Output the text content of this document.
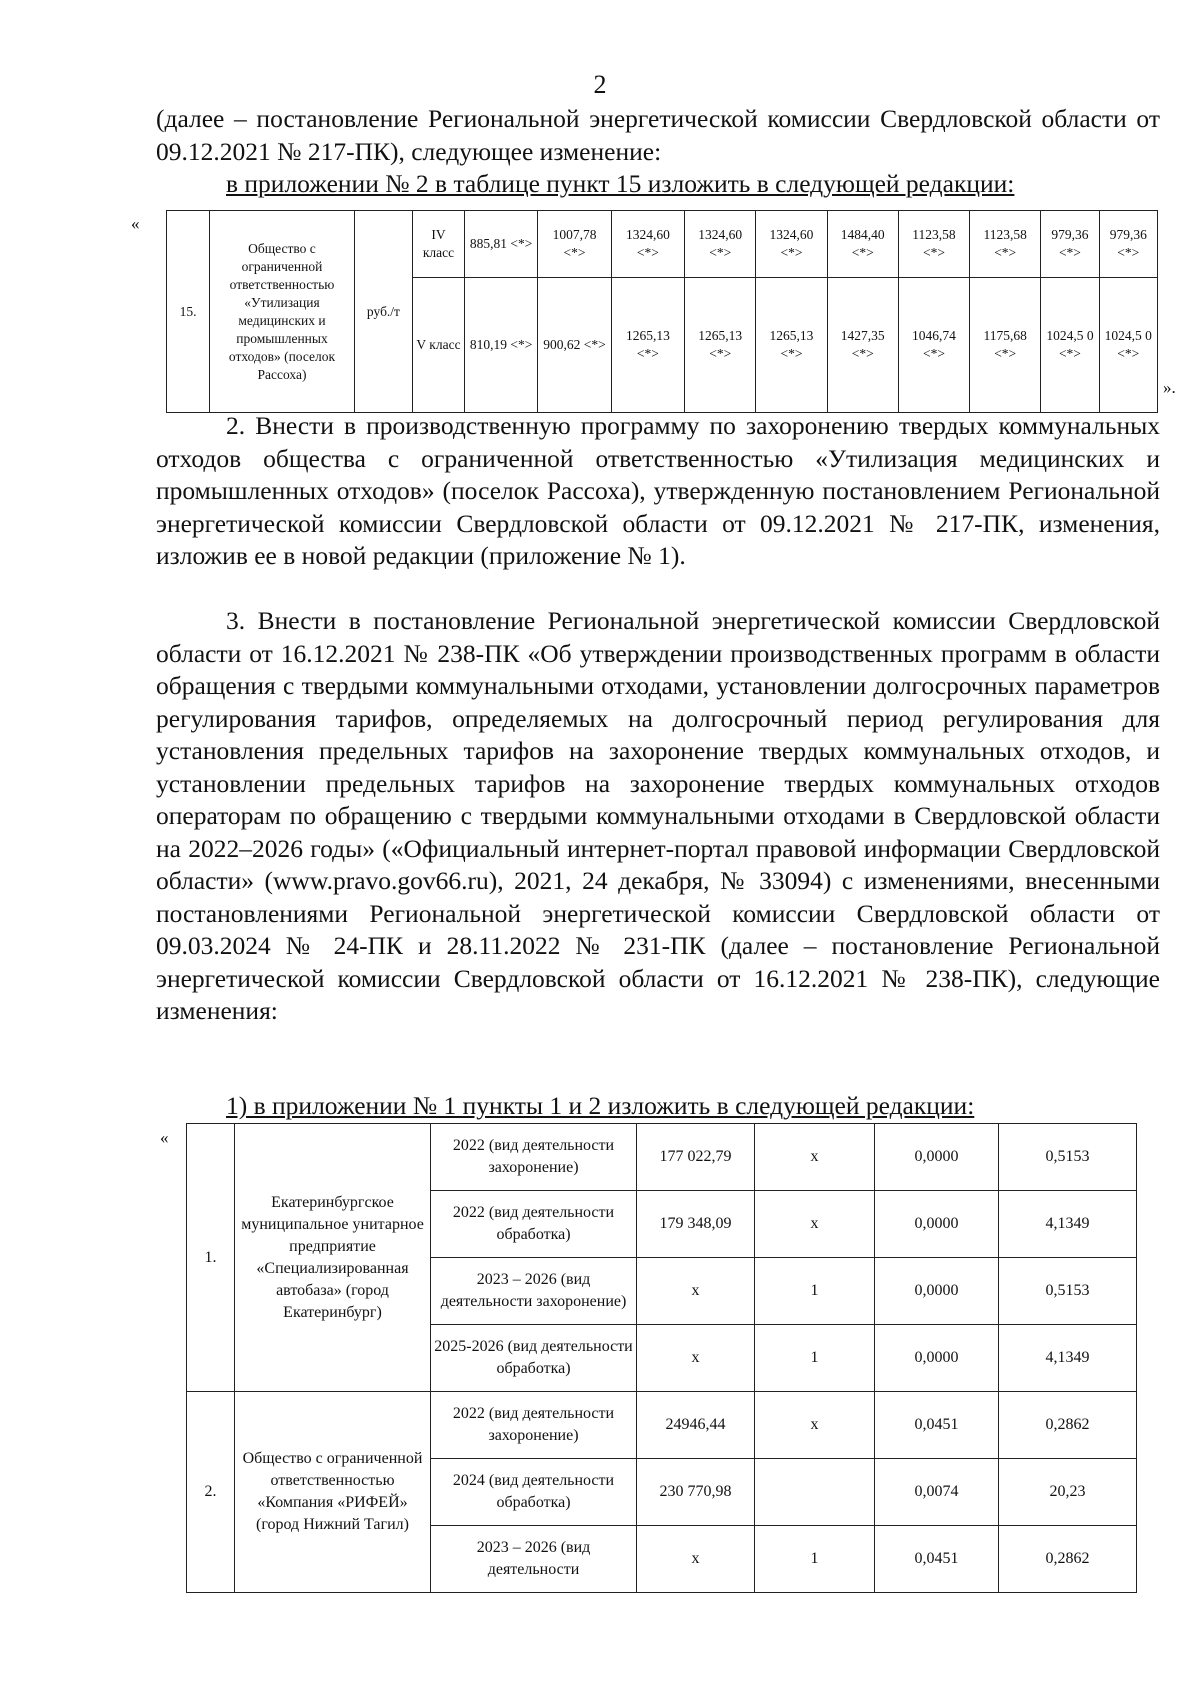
2

(далее – постановление Региональной энергетической комиссии Свердловской области от 09.12.2021 № 217-ПК), следующее изменение:

в приложении № 2 в таблице пункт 15 изложить в следующей редакции:

«
15.	Общество с ограниченной ответственностью «Утилизация медицинских и промышленных отходов» (поселок Рассоха)	руб./т	IV класс	885,81 <*>	1007,78 <*>	1324,60 <*>	1324,60 <*>	1324,60 <*>	1484,40 <*>	1123,58 <*>	1123,58 <*>	979,36 <*>	979,36 <*>
			V класс	810,19 <*>	900,62 <*>	1265,13 <*>	1265,13 <*>	1265,13 <*>	1427,35 <*>	1046,74 <*>	1175,68 <*>	1024,5 0 <*>	1024,5 0 <*>
».

2. Внести в производственную программу по захоронению твердых коммунальных отходов общества с ограниченной ответственностью «Утилизация медицинских и промышленных отходов» (поселок Рассоха), утвержденную постановлением Региональной энергетической комиссии Свердловской области от 09.12.2021 № 217-ПК, изменения, изложив ее в новой редакции (приложение № 1).

3. Внести в постановление Региональной энергетической комиссии Свердловской области от 16.12.2021 № 238-ПК «Об утверждении производственных программ в области обращения с твердыми коммунальными отходами, установлении долгосрочных параметров регулирования тарифов, определяемых на долгосрочный период регулирования для установления предельных тарифов на захоронение твердых коммунальных отходов, и установлении предельных тарифов на захоронение твердых коммунальных отходов операторам по обращению с твердыми коммунальными отходами в Свердловской области на 2022–2026 годы» («Официальный интернет-портал правовой информации Свердловской области» (www.pravo.gov66.ru), 2021, 24 декабря, № 33094) с изменениями, внесенными постановлениями Региональной энергетической комиссии Свердловской области от 09.03.2024 № 24-ПК и 28.11.2022 № 231-ПК (далее – постановление Региональной энергетической комиссии Свердловской области от 16.12.2021 № 238-ПК), следующие изменения:

1) в приложении № 1 пункты 1 и 2 изложить в следующей редакции:

«
1.	Екатеринбургское муниципальное унитарное предприятие «Специализированная автобаза» (город Екатеринбург)	2022 (вид деятельности захоронение)	177 022,79	х	0,0000	0,5153
		2022 (вид деятельности обработка)	179 348,09	х	0,0000	4,1349
		2023 – 2026 (вид деятельности захоронение)	х	1	0,0000	0,5153
		2025-2026 (вид деятельности обработка)	х	1	0,0000	4,1349
2.	Общество с ограниченной ответственностью «Компания «РИФЕЙ» (город Нижний Тагил)	2022 (вид деятельности захоронение)	24946,44	х	0,0451	0,2862
		2024 (вид деятельности обработка)	230 770,98		0,0074	20,23
		2023 – 2026 (вид деятельности	х	1	0,0451	0,2862
